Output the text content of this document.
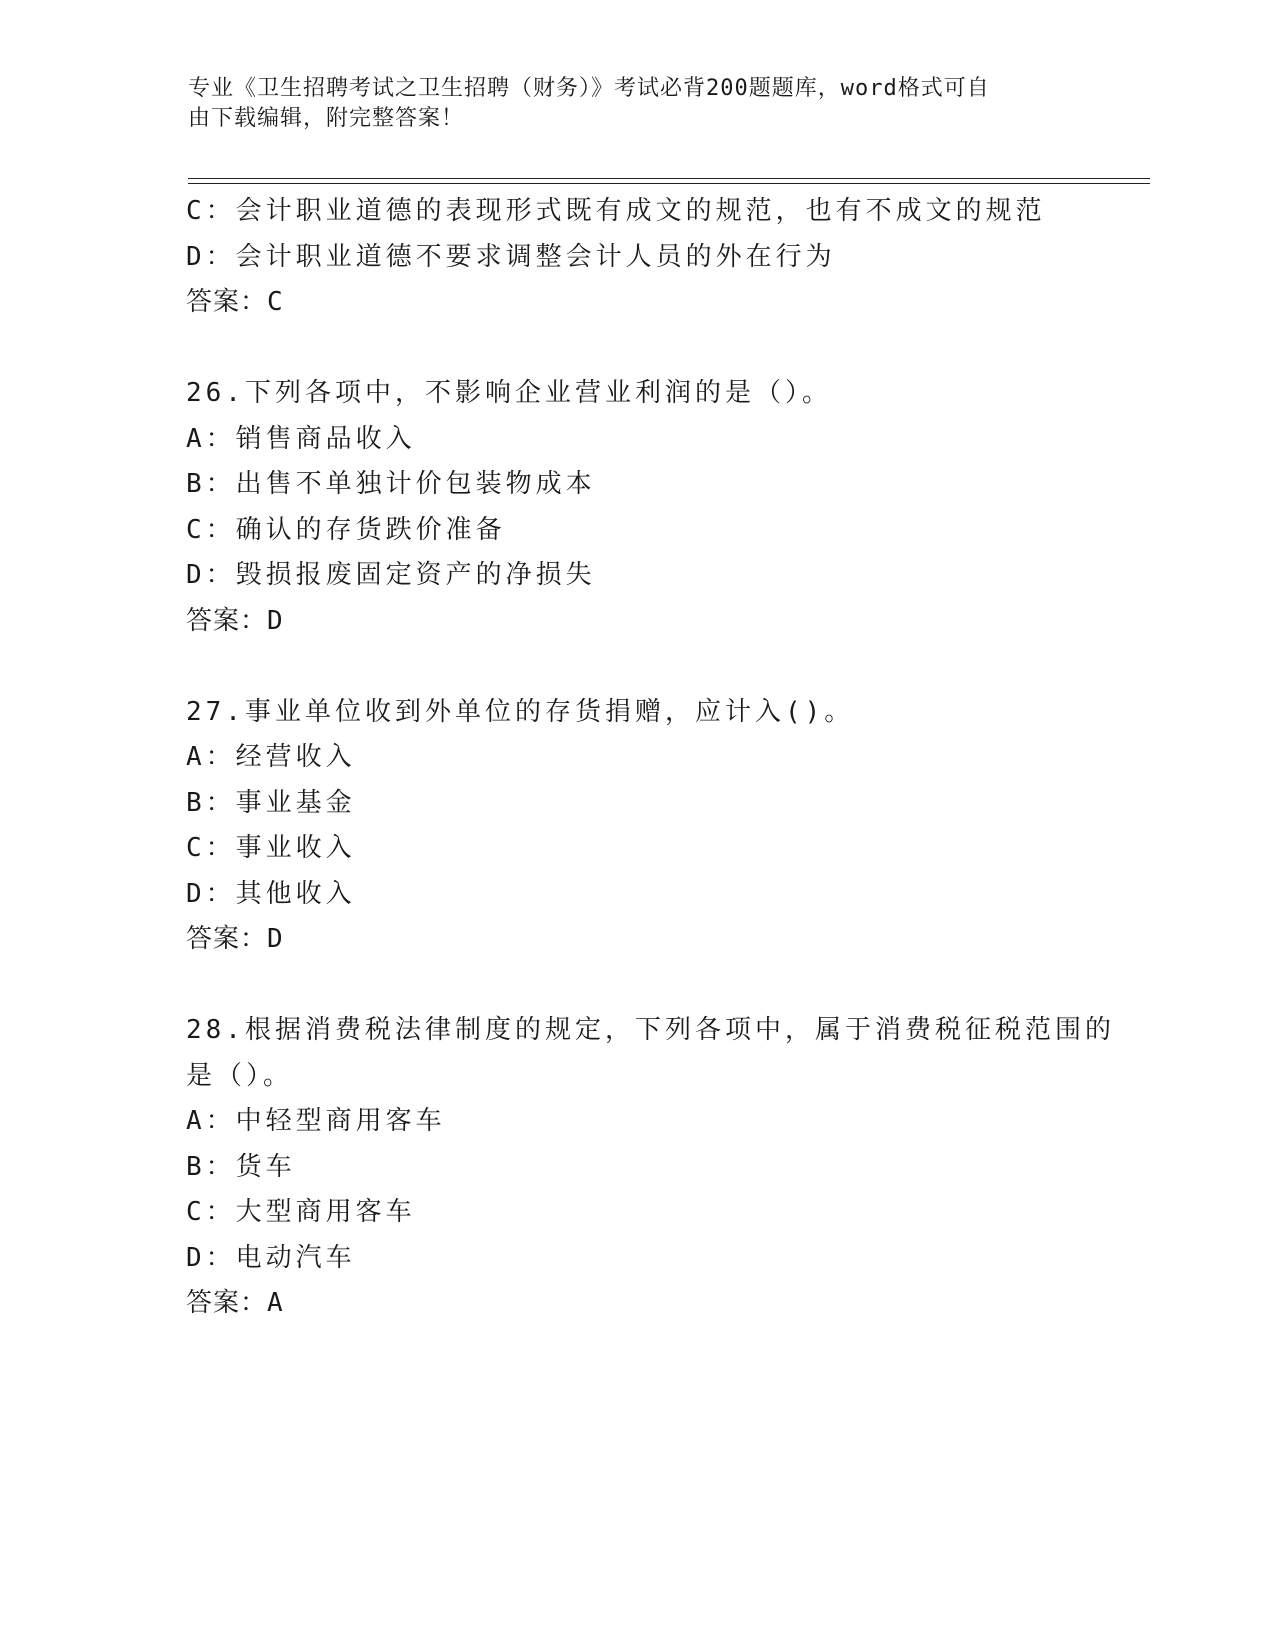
专业《卫生招聘考试之卫生招聘（财务）》考试必背200题题库，word格式可自
由下载编辑，附完整答案！
C：会计职业道德的表现形式既有成文的规范，也有不成文的规范
D：会计职业道德不要求调整会计人员的外在行为
答案：C
26.下列各项中，不影响企业营业利润的是（）。
A：销售商品收入
B：出售不单独计价包装物成本
C：确认的存货跌价准备
D：毁损报废固定资产的净损失
答案：D
27.事业单位收到外单位的存货捐赠，应计入()。
A：经营收入
B：事业基金
C：事业收入
D：其他收入
答案：D
28.根据消费税法律制度的规定，下列各项中，属于消费税征税范围的
是（）。
A：中轻型商用客车
B：货车
C：大型商用客车
D：电动汽车
答案：A
